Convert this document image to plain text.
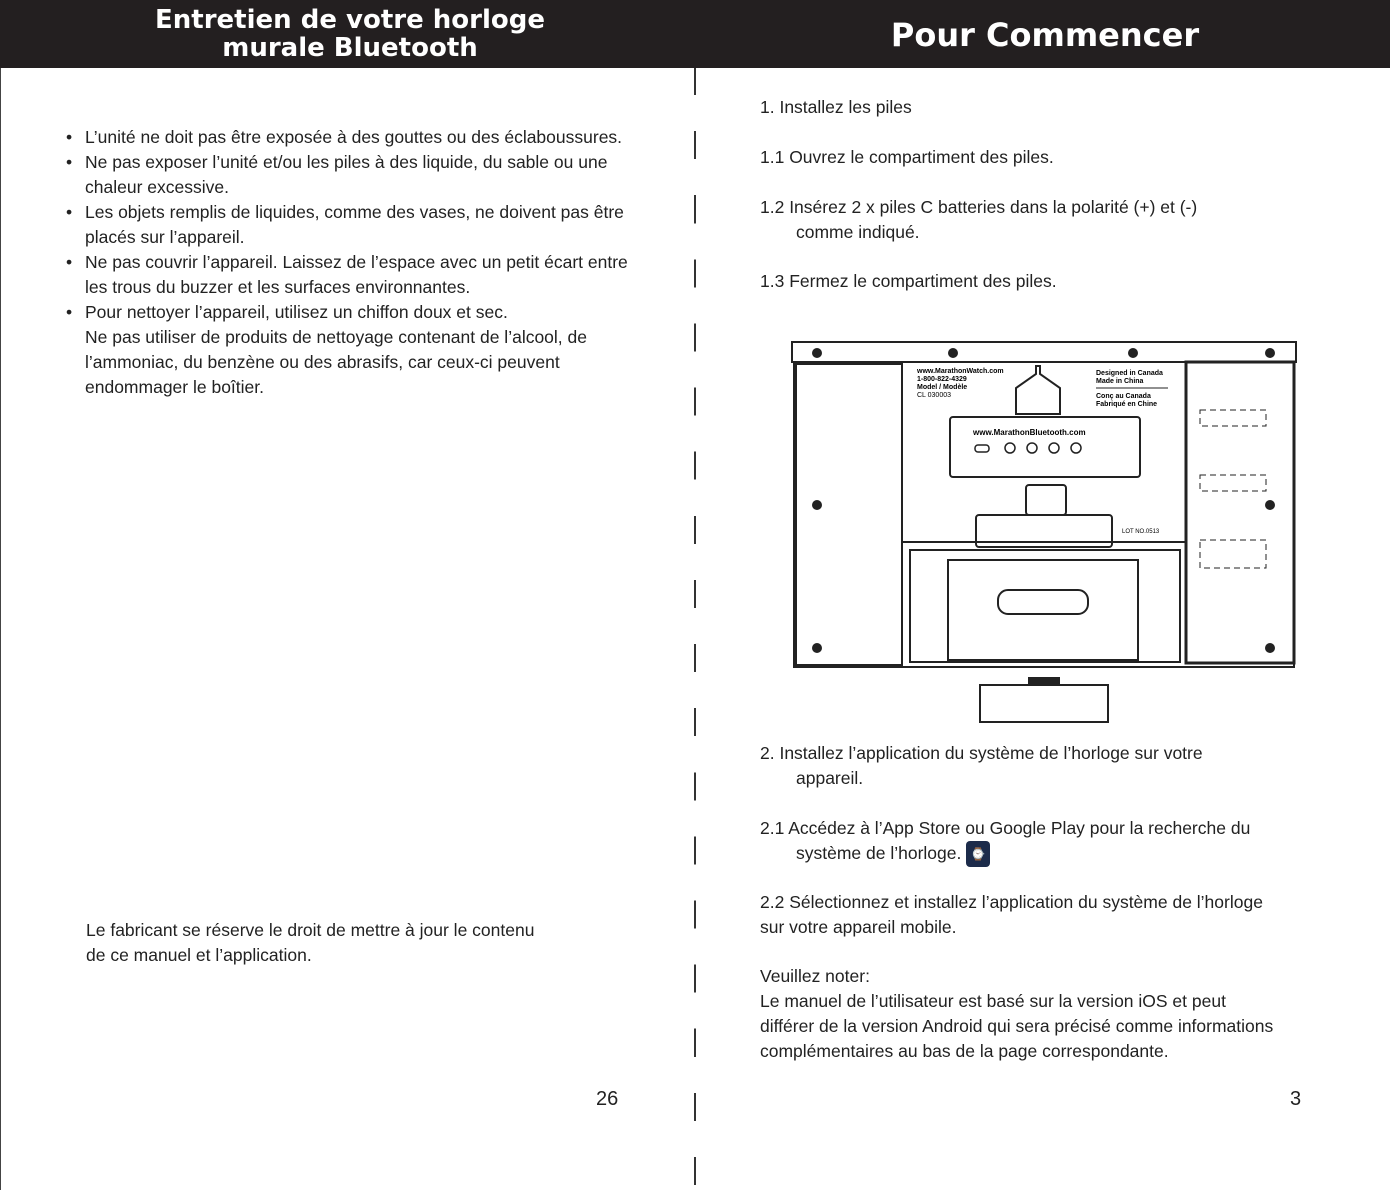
Entretien de votre horloge
murale Bluetooth	Pour Commencer
• L’unité ne doit pas être exposée à des gouttes ou des éclaboussures.
• Ne pas exposer l’unité et/ou les piles à des liquide, du sable ou une chaleur excessive.
• Les objets remplis de liquides, comme des vases, ne doivent pas être placés sur l’appareil.
• Ne pas couvrir l’appareil. Laissez de l’espace avec un petit écart entre les trous du buzzer et les surfaces environnantes.
• Pour nettoyer l’appareil, utilisez un chiffon doux et sec.
Ne pas utiliser de produits de nettoyage contenant de l’alcool, de l’ammoniac, du benzène ou des abrasifs, car ceux-ci peuvent endommager le boîtier.
Le fabricant se réserve le droit de mettre à jour le contenu
de ce manuel et l’application.
26
1. Installez les piles
1.1 Ouvrez le compartiment des piles.
1.2 Insérez 2 x piles C batteries dans la polarité (+) et (-)
comme indiqué.
1.3 Fermez le compartiment des piles.
www.MarathonWatch.com
1-800-822-4329
Model / Modèle
CL 030003
Designed in Canada
Made in China
Conç au Canada
Fabriqué en Chine
www.MarathonBluetooth.com
LOT NO.0513
2. Installez l’application du système de l’horloge sur votre
appareil.
2.1 Accédez à l’App Store ou Google Play pour la recherche du
système de l’horloge. ⌚
2.2 Sélectionnez et installez l’application du système de l’horloge
sur votre appareil mobile.
Veuillez noter:
Le manuel de l’utilisateur est basé sur la version iOS et peut
différer de la version Android qui sera précisé comme informations
complémentaires au bas de la page correspondante.
3
